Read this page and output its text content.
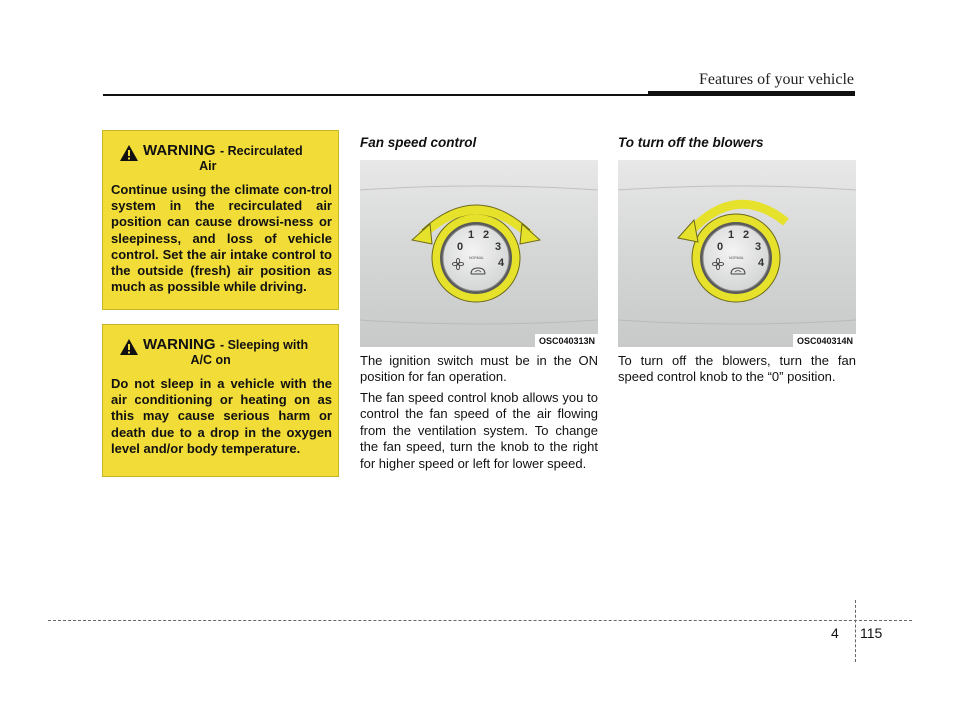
Features of your vehicle
WARNING - Recirculated
Air
Continue using the climate con-trol system in the recirculated air position can cause drowsi-ness or sleepiness, and loss of vehicle control. Set the air intake control to the outside (fresh) air position as much as possible while driving.
WARNING - Sleeping with
A/C on
Do not sleep in a vehicle with the air conditioning or heating on as this may cause serious harm or death due to a drop in the oxygen level and/or body temperature.
Fan speed control
0
1 2
3
4
NORMAL
OSC040313N

The ignition switch must be in the ON position for fan operation.

The fan speed control knob allows you to control the fan speed of the air flowing from the ventilation system. To change the fan speed, turn the knob to the right for higher speed or left for lower speed.

To turn off the blowers
0
1 2
3
4
NORMAL
OSC040314N

To turn off the blowers, turn the fan speed control knob to the “0” position.

4 115
